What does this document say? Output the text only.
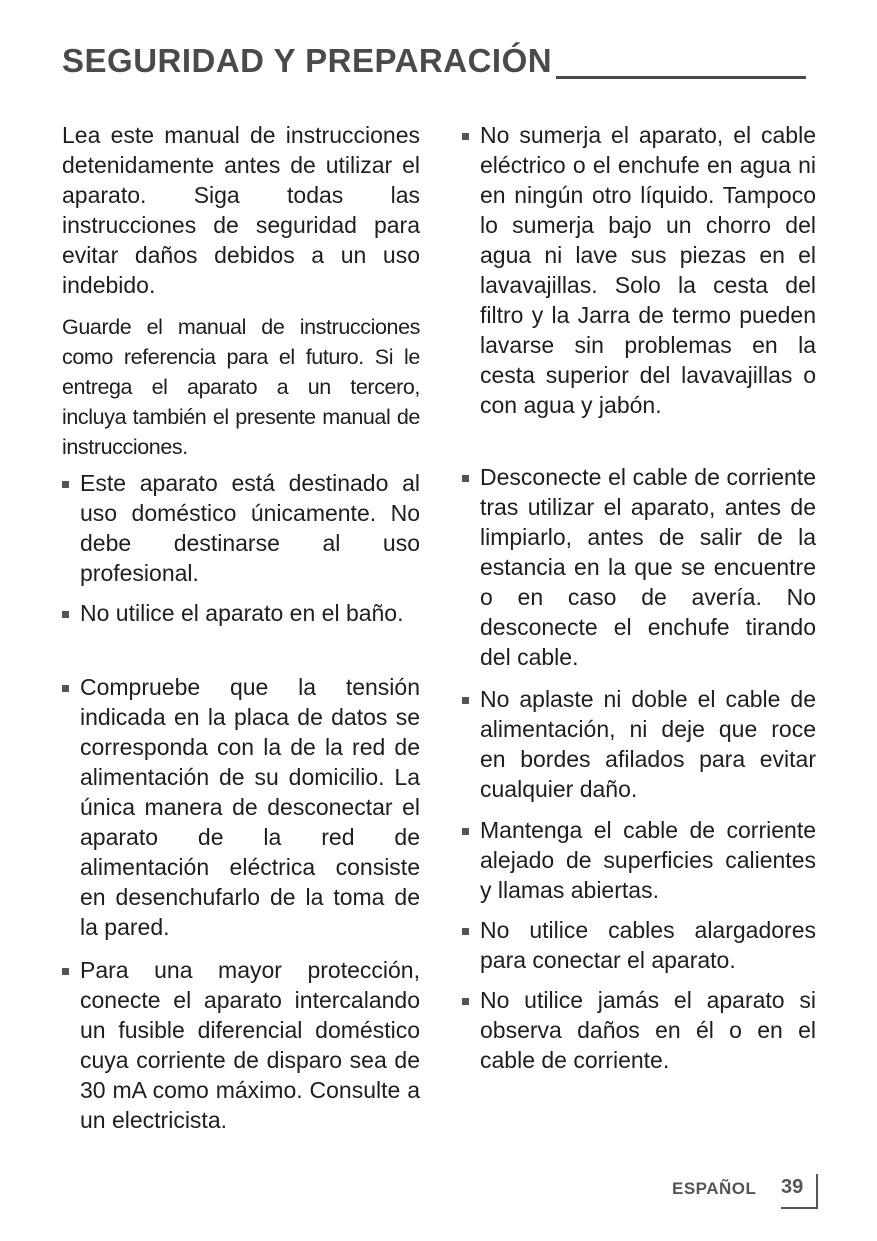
SEGURIDAD Y PREPARACIÓN

Lea este manual de instrucciones detenidamente antes de utilizar el aparato. Siga todas las instrucciones de seguridad para evitar daños debidos a un uso indebido.

Guarde el manual de instrucciones como referencia para el futuro. Si le entrega el aparato a un tercero, incluya también el presente manual de instrucciones.

Este aparato está destinado al uso doméstico únicamente. No debe destinarse al uso profesional.
No utilice el aparato en el baño.
Compruebe que la tensión indicada en la placa de datos se corresponda con la de la red de alimentación de su domicilio. La única manera de desconectar el aparato de la red de alimentación eléctrica consiste en desenchufarlo de la toma de la pared.
Para una mayor protección, conecte el aparato intercalando un fusible diferencial doméstico cuya corriente de disparo sea de 30 mA como máximo. Consulte a un electricista.
No sumerja el aparato, el cable eléctrico o el enchufe en agua ni en ningún otro líquido. Tampoco lo sumerja bajo un chorro del agua ni lave sus piezas en el lavavajillas. Solo la cesta del filtro y la Jarra de termo pueden lavarse sin problemas en la cesta superior del lavavajillas o con agua y jabón.
Desconecte el cable de corriente tras utilizar el aparato, antes de limpiarlo, antes de salir de la estancia en la que se encuentre o en caso de avería. No desconecte el enchufe tirando del cable.
No aplaste ni doble el cable de alimentación, ni deje que roce en bordes afilados para evitar cualquier daño.
Mantenga el cable de corriente alejado de superficies calientes y llamas abiertas.
No utilice cables alargadores para conectar el aparato.
No utilice jamás el aparato si observa daños en él o en el cable de corriente.
ESPAÑOL 39
